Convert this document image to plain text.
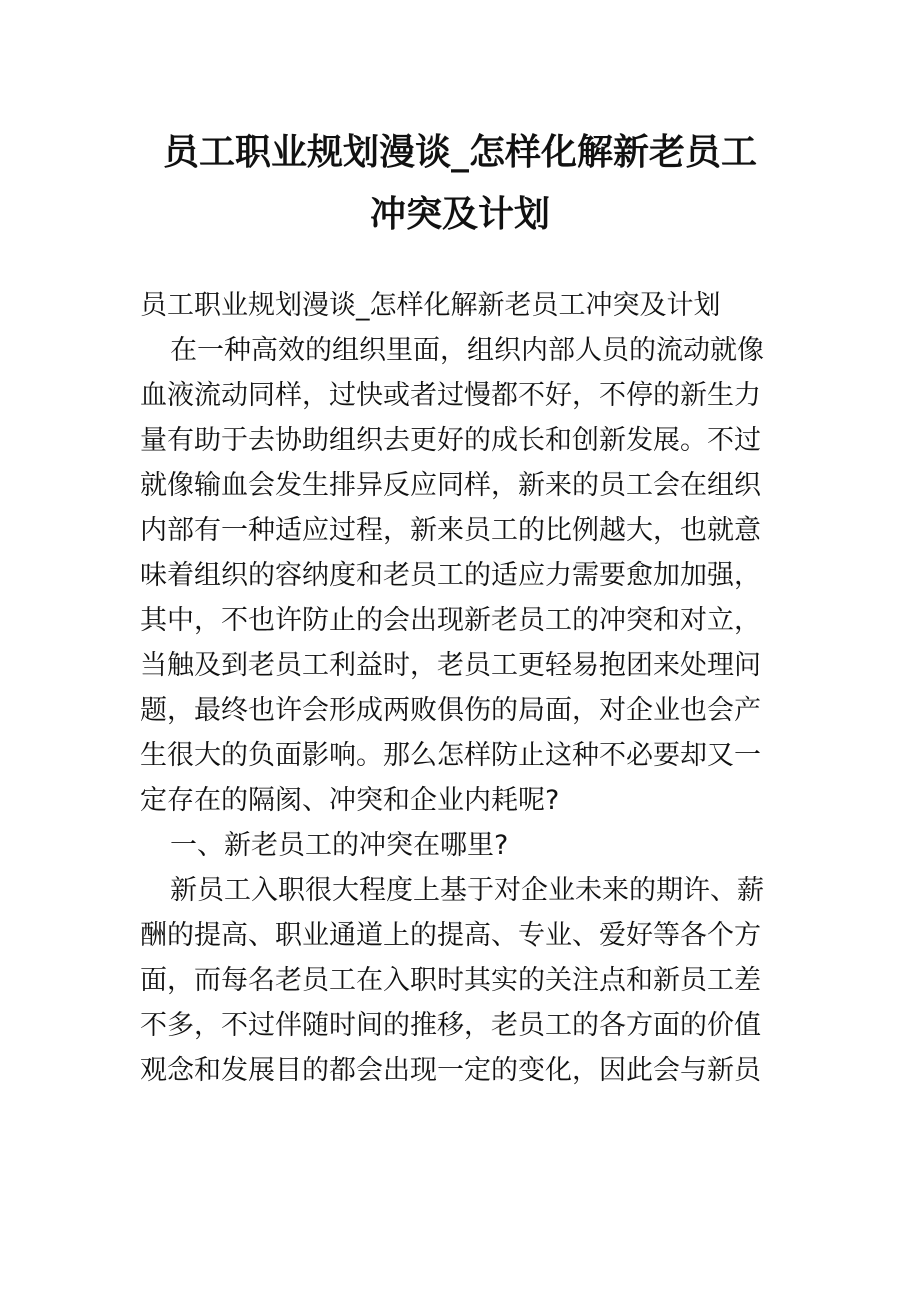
员工职业规划漫谈_怎样化解新老员工
冲突及计划
员工职业规划漫谈_怎样化解新老员工冲突及计划
在一种高效的组织里面，组织内部人员的流动就像
血液流动同样，过快或者过慢都不好，不停的新生力
量有助于去协助组织去更好的成长和创新发展。不过
就像输血会发生排异反应同样，新来的员工会在组织
内部有一种适应过程，新来员工的比例越大，也就意
味着组织的容纳度和老员工的适应力需要愈加加强，
其中，不也许防止的会出现新老员工的冲突和对立，
当触及到老员工利益时，老员工更轻易抱团来处理问
题，最终也许会形成两败俱伤的局面，对企业也会产
生很大的负面影响。那么怎样防止这种不必要却又一
定存在的隔阂、冲突和企业内耗呢?
一、新老员工的冲突在哪里?
新员工入职很大程度上基于对企业未来的期许、薪
酬的提高、职业通道上的提高、专业、爱好等各个方
面，而每名老员工在入职时其实的关注点和新员工差
不多，不过伴随时间的推移，老员工的各方面的价值
观念和发展目的都会出现一定的变化，因此会与新员
